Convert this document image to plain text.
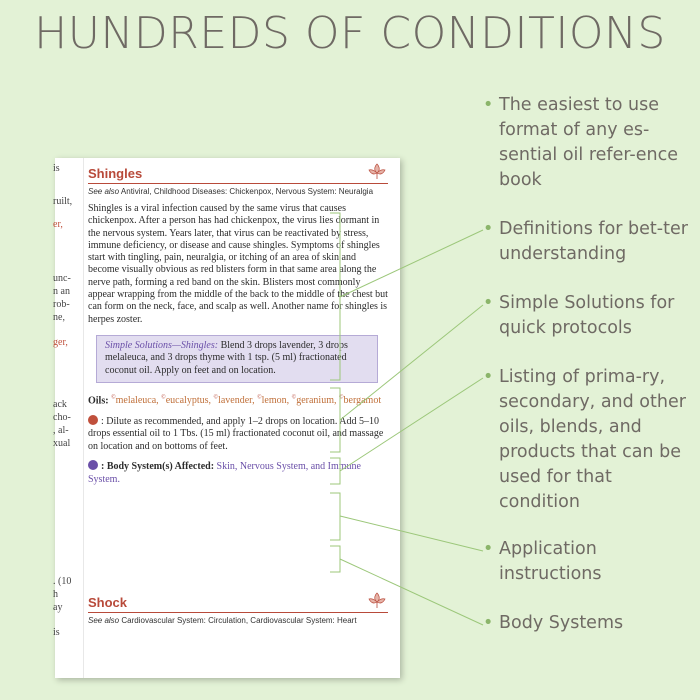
HUNDREDS OF CONDITIONS
is
ruilt,
er,
unc-
n an
rob-
ne,
ger,
ack
cho-
, al-
xual
. (10
h
ay
is
Shingles
See also Antiviral, Childhood Diseases: Chickenpox, Nervous System: Neuralgia
Shingles is a viral infection caused by the same virus that causes chickenpox. After a person has had chickenpox, the virus lies dormant in the nervous system. Years later, that virus can be reactivated by stress, immune deficiency, or disease and cause shingles. Symptoms of shingles start with tingling, pain, neuralgia, or itching of an area of skin and become visually obvious as red blisters form in that same area along the nerve path, forming a red band on the skin. Blisters most commonly appear wrapping from the middle of the back to the middle of the chest but can form on the neck, face, and scalp as well. Another name for shingles is herpes zoster.
Simple Solutions—Shingles: Blend 3 drops lavender, 3 drops melaleuca, and 3 drops thyme with 1 tsp. (5 ml) fractionated coconut oil. Apply on feet and on location.
Oils: ©melaleuca, ©eucalyptus, ©lavender, ©lemon, ©geranium, ©bergamot
: Dilute as recommended, and apply 1–2 drops on location. Add 5–10 drops essential oil to 1 Tbs. (15 ml) fractionated coconut oil, and massage on location and on bottoms of feet.
: Body System(s) Affected: Skin, Nervous System, and Immune System.
Shock
See also Cardiovascular System: Circulation, Cardiovascular System: Heart
• The easiest to use format of any es-sential oil refer-ence book
• Definitions for bet-ter understanding
• Simple Solutions for quick protocols
• Listing of prima-ry, secondary, and other oils, blends, and products that can be used for that condition
• Application instructions
• Body Systems
